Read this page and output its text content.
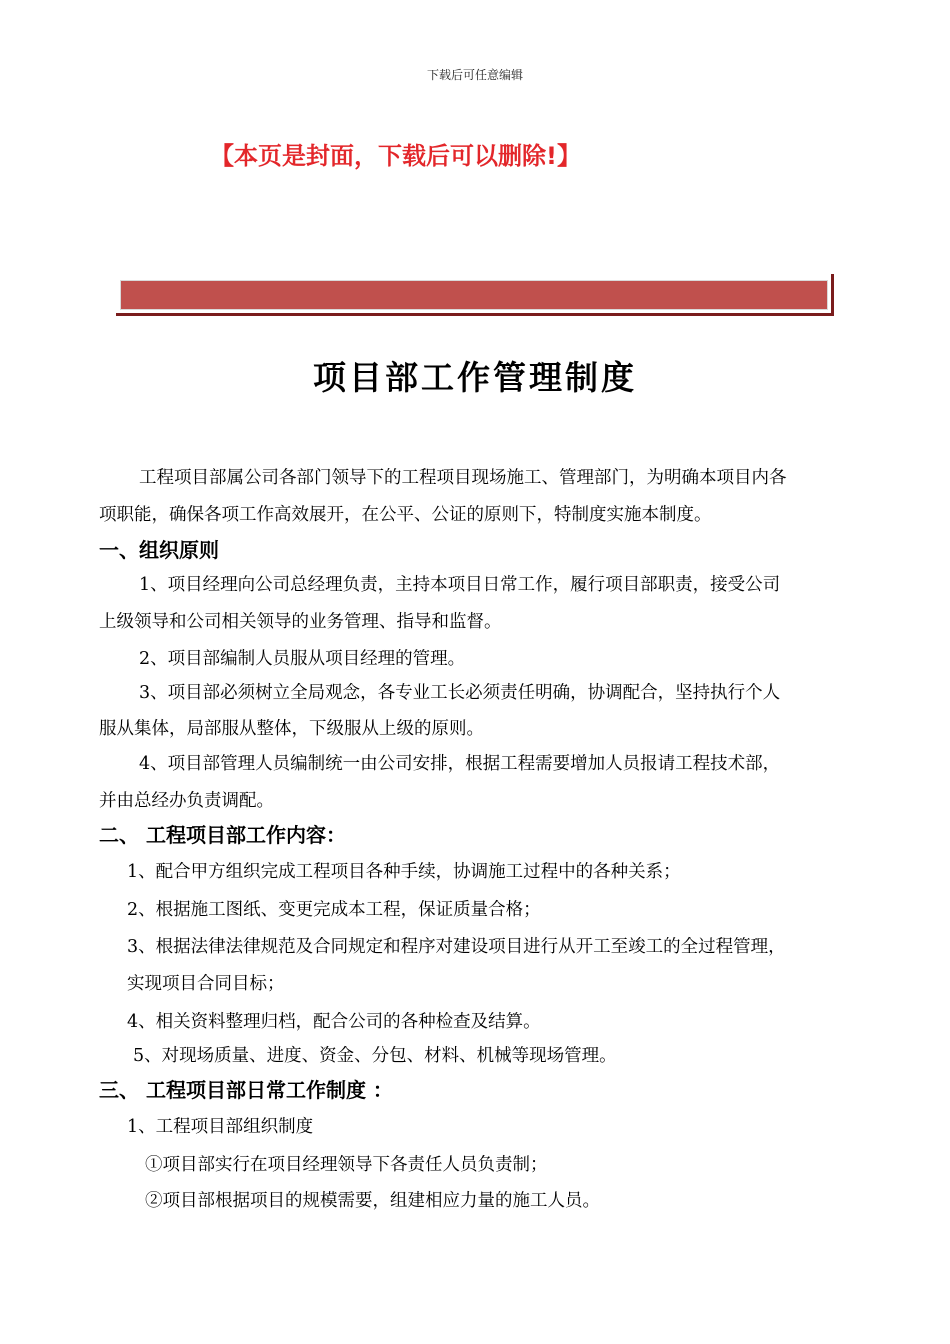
下载后可任意编辑
【本页是封面，下载后可以删除!】
项目部工作管理制度
工程项目部属公司各部门领导下的工程项目现场施工、管理部门，为明确本项目内各
项职能，确保各项工作高效展开，在公平、公证的原则下，特制度实施本制度。
一、组织原则
1、项目经理向公司总经理负责，主持本项目日常工作，履行项目部职责，接受公司
上级领导和公司相关领导的业务管理、指导和监督。
2、项目部编制人员服从项目经理的管理。
3、项目部必须树立全局观念，各专业工长必须责任明确，协调配合，坚持执行个人
服从集体，局部服从整体，下级服从上级的原则。
4、项目部管理人员编制统一由公司安排，根据工程需要增加人员报请工程技术部，
并由总经办负责调配。
二、 工程项目部工作内容：
1、配合甲方组织完成工程项目各种手续，协调施工过程中的各种关系；
2、根据施工图纸、变更完成本工程，保证质量合格；
3、根据法律法律规范及合同规定和程序对建设项目进行从开工至竣工的全过程管理，
实现项目合同目标；
4、相关资料整理归档，配合公司的各种检查及结算。
5、对现场质量、进度、资金、分包、材料、机械等现场管理。
三、 工程项目部日常工作制度 ：
1、工程项目部组织制度
①项目部实行在项目经理领导下各责任人员负责制；
②项目部根据项目的规模需要，组建相应力量的施工人员。
